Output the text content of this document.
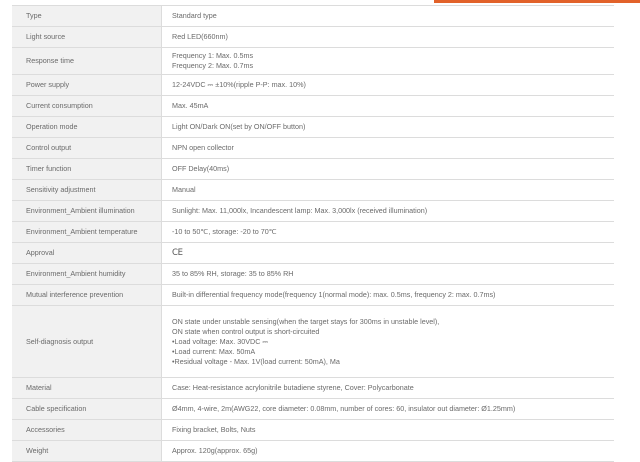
Type	Standard type

Light source	Red LED(660nm)

Response time	Frequency 1: Max. 0.5ms
Frequency 2: Max. 0.7ms

Power supply	12-24VDC ⎓ ±10%(ripple P-P: max. 10%)

Current consumption	Max. 45mA

Operation mode	Light ON/Dark ON(set by ON/OFF button)

Control output	NPN open collector

Timer function	OFF Delay(40ms)

Sensitivity adjustment	Manual

Environment_Ambient illumination	Sunlight: Max. 11,000lx, Incandescent lamp: Max. 3,000lx (received illumination)

Environment_Ambient temperature	-10 to 50℃, storage: -20 to 70℃

Approval	CE

Environment_Ambient humidity	35 to 85% RH, storage: 35 to 85% RH

Mutual interference prevention	Built-in differential frequency mode(frequency 1(normal mode): max. 0.5ms, frequency 2: max. 0.7ms)

Self-diagnosis output	ON state under unstable sensing(when the target stays for 300ms in unstable level),
ON state when control output is short-circuited
•Load voltage: Max. 30VDC ⎓
•Load current: Max. 50mA
•Residual voltage - Max. 1V(load current: 50mA), Ma

Material	Case: Heat-resistance acrylonitrile butadiene styrene, Cover: Polycarbonate

Cable specification	Ø4mm, 4-wire, 2m(AWG22, core diameter: 0.08mm, number of cores: 60, insulator out diameter: Ø1.25mm)

Accessories	Fixing bracket, Bolts, Nuts

Weight	Approx. 120g(approx. 65g)
